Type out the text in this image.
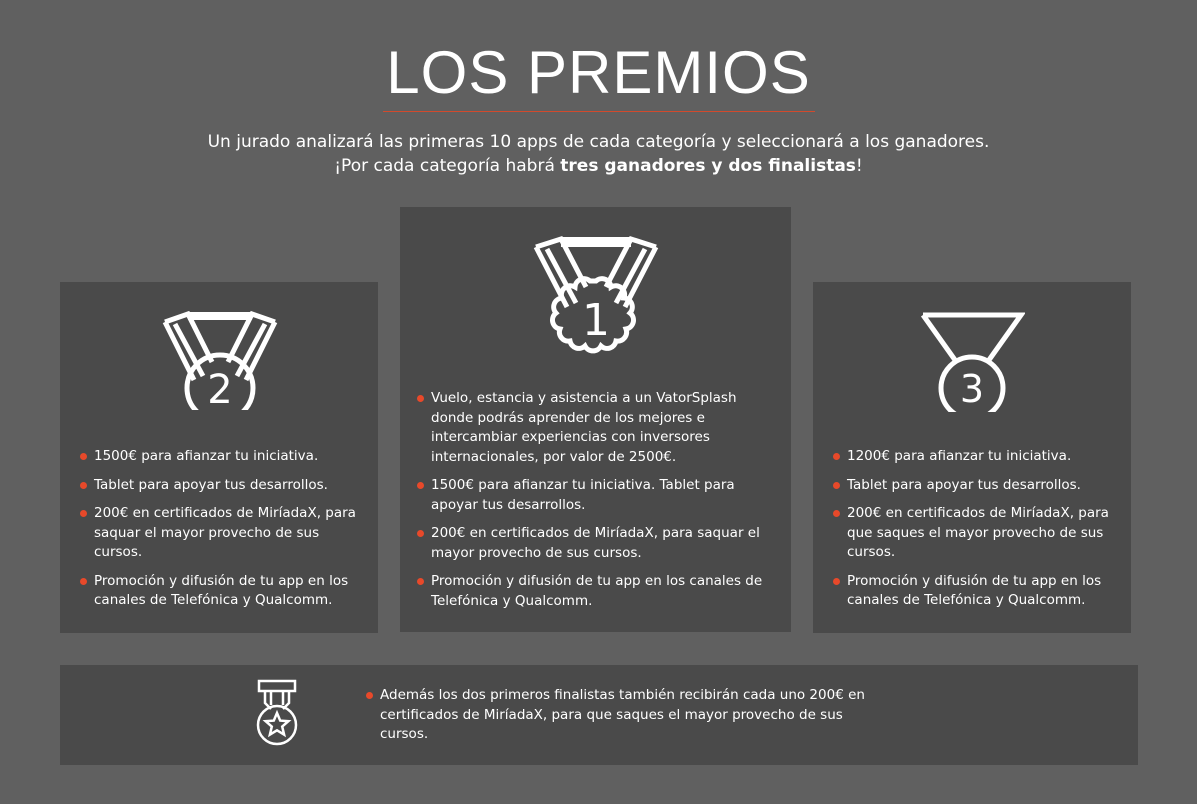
LOS PREMIOS
Un jurado analizará las primeras 10 apps de cada categoría y seleccionará a los ganadores.
¡Por cada categoría habrá tres ganadores y dos finalistas!
2
1500€ para afianzar tu iniciativa.
Tablet para apoyar tus desarrollos.
200€ en certificados de MiríadaX, para saquar el mayor provecho de sus cursos.
Promoción y difusión de tu app en los canales de Telefónica y Qualcomm.
1
Vuelo, estancia y asistencia a un VatorSplash donde podrás aprender de los mejores e intercambiar experiencias con inversores internacionales, por valor de 2500€.
1500€ para afianzar tu iniciativa. Tablet para apoyar tus desarrollos.
200€ en certificados de MiríadaX, para saquar el mayor provecho de sus cursos.
Promoción y difusión de tu app en los canales de Telefónica y Qualcomm.
3
1200€ para afianzar tu iniciativa.
Tablet para apoyar tus desarrollos.
200€ en certificados de MiríadaX, para que saques el mayor provecho de sus cursos.
Promoción y difusión de tu app en los canales de Telefónica y Qualcomm.
Además los dos primeros finalistas también recibirán cada uno 200€ en certificados de MiríadaX, para que saques el mayor provecho de sus cursos.
